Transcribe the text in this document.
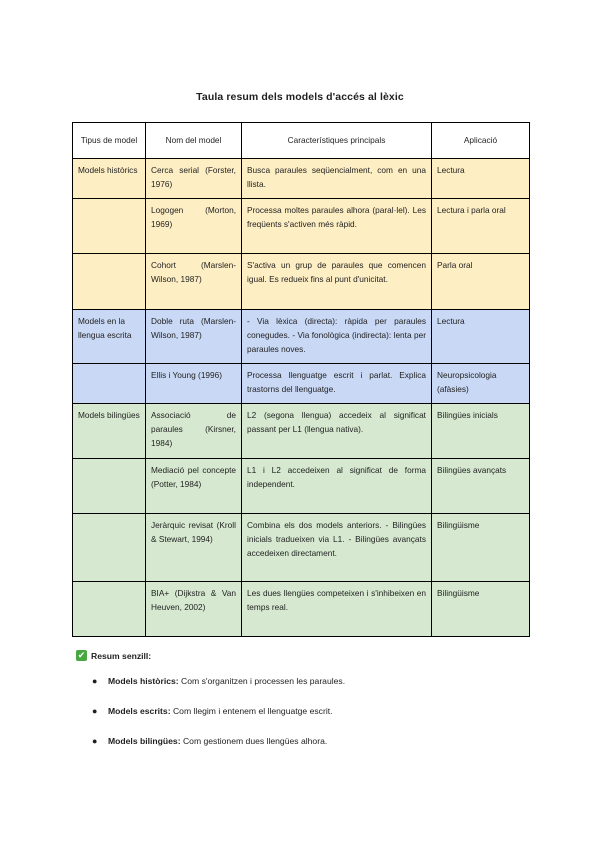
Taula resum dels models d'accés al lèxic
Tipus de model	Nom del model	Característiques principals	Aplicació
Models històrics	Cerca serial (Forster, 1976)	Busca paraules seqüencialment, com en una llista.	Lectura
	Logogen (Morton, 1969)	Processa moltes paraules alhora (paral·lel). Les freqüents s'activen més ràpid.	Lectura i parla oral
	Cohort (Marslen-Wilson, 1987)	S'activa un grup de paraules que comencen igual. Es redueix fins al punt d'unicitat.	Parla oral
Models en la llengua escrita	Doble ruta (Marslen-Wilson, 1987)	- Via lèxica (directa): ràpida per paraules conegudes. - Via fonològica (indirecta): lenta per paraules noves.	Lectura
	Ellis i Young (1996)	Processa llenguatge escrit i parlat. Explica trastorns del llenguatge.	Neuropsicologia (afàsies)
Models bilingües	Associació de paraules (Kirsner, 1984)	L2 (segona llengua) accedeix al significat passant per L1 (llengua nativa).	Bilingües inicials
	Mediació pel concepte (Potter, 1984)	L1 i L2 accedeixen al significat de forma independent.	Bilingües avançats
	Jeràrquic revisat (Kroll & Stewart, 1994)	Combina els dos models anteriors. - Bilingües inicials tradueixen via L1. - Bilingües avançats accedeixen directament.	Bilingüisme
	BIA+ (Dijkstra & Van Heuven, 2002)	Les dues llengües competeixen i s'inhibeixen en temps real.	Bilingüisme
✔ Resum senzill:
● Models històrics: Com s'organitzen i processen les paraules.
● Models escrits: Com llegim i entenem el llenguatge escrit.
● Models bilingües: Com gestionem dues llengües alhora.
